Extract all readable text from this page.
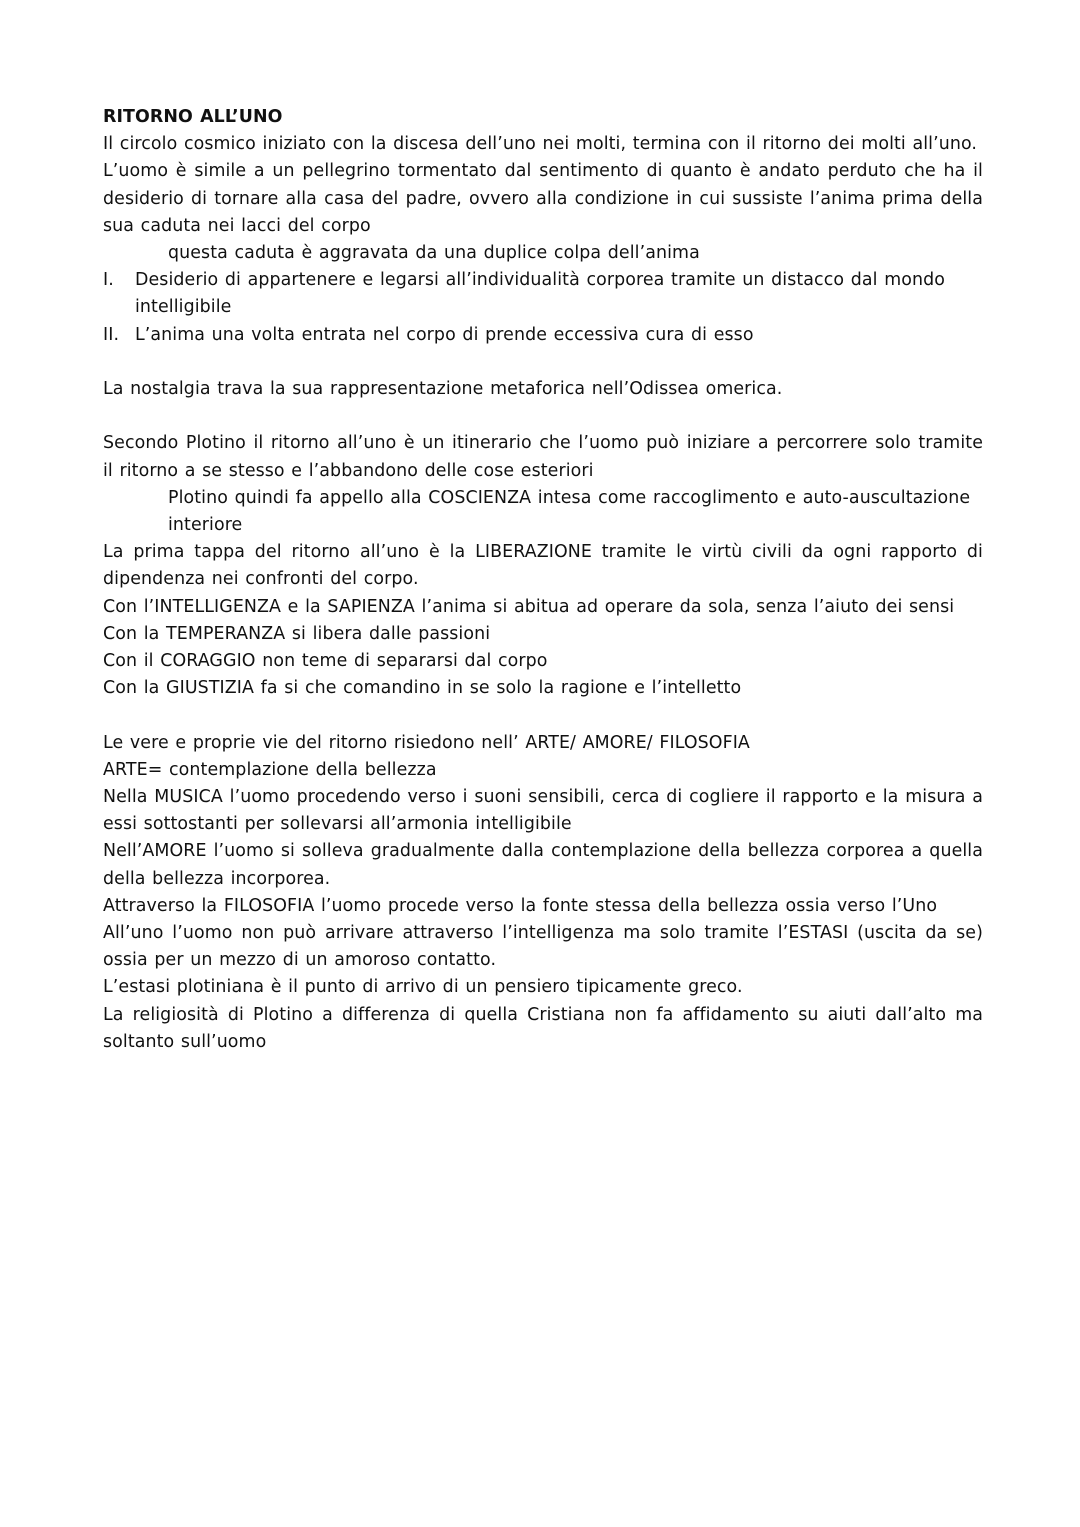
RITORNO ALL’UNO

Il circolo cosmico iniziato con la discesa dell’uno nei molti, termina con il ritorno dei molti all’uno.

L’uomo è simile a un pellegrino tormentato dal sentimento di quanto è andato perduto che ha il desiderio di tornare alla casa del padre, ovvero alla condizione in cui sussiste l’anima prima della sua caduta nei lacci del corpo

questa caduta è aggravata da una duplice colpa dell’anima

I.	Desiderio di appartenere e legarsi all’individualità corporea tramite un distacco dal mondo intelligibile
II. L’anima una volta entrata nel corpo di prende eccessiva cura di esso

La nostalgia trava la sua rappresentazione metaforica nell’Odissea omerica.

Secondo Plotino il ritorno all’uno è un itinerario che l’uomo può iniziare a percorrere solo tramite il ritorno a se stesso e l’abbandono delle cose esteriori

Plotino quindi fa appello alla COSCIENZA intesa come raccoglimento e auto-auscultazione interiore

La prima tappa del ritorno all’uno è la LIBERAZIONE tramite le virtù civili da ogni rapporto di dipendenza nei confronti del corpo.

Con l’INTELLIGENZA e la SAPIENZA l’anima si abitua ad operare da sola, senza l’aiuto dei sensi

Con la TEMPERANZA si libera dalle passioni

Con il CORAGGIO non teme di separarsi dal corpo

Con la GIUSTIZIA fa si che comandino in se solo la ragione e l’intelletto

Le vere e proprie vie del ritorno risiedono nell’ ARTE/ AMORE/ FILOSOFIA

ARTE= contemplazione della bellezza

Nella MUSICA l’uomo procedendo verso i suoni sensibili, cerca di cogliere il rapporto e la misura a essi sottostanti per sollevarsi all’armonia intelligibile

Nell’AMORE l’uomo si solleva gradualmente dalla contemplazione della bellezza corporea a quella della bellezza incorporea.

Attraverso la FILOSOFIA l’uomo procede verso la fonte stessa della bellezza ossia verso l’Uno

All’uno l’uomo non può arrivare attraverso l’intelligenza ma solo tramite l’ESTASI (uscita da se) ossia per un mezzo di un amoroso contatto.

L’estasi plotiniana è il punto di arrivo di un pensiero tipicamente greco.

La religiosità di Plotino a differenza di quella Cristiana non fa affidamento su aiuti dall’alto ma soltanto sull’uomo
